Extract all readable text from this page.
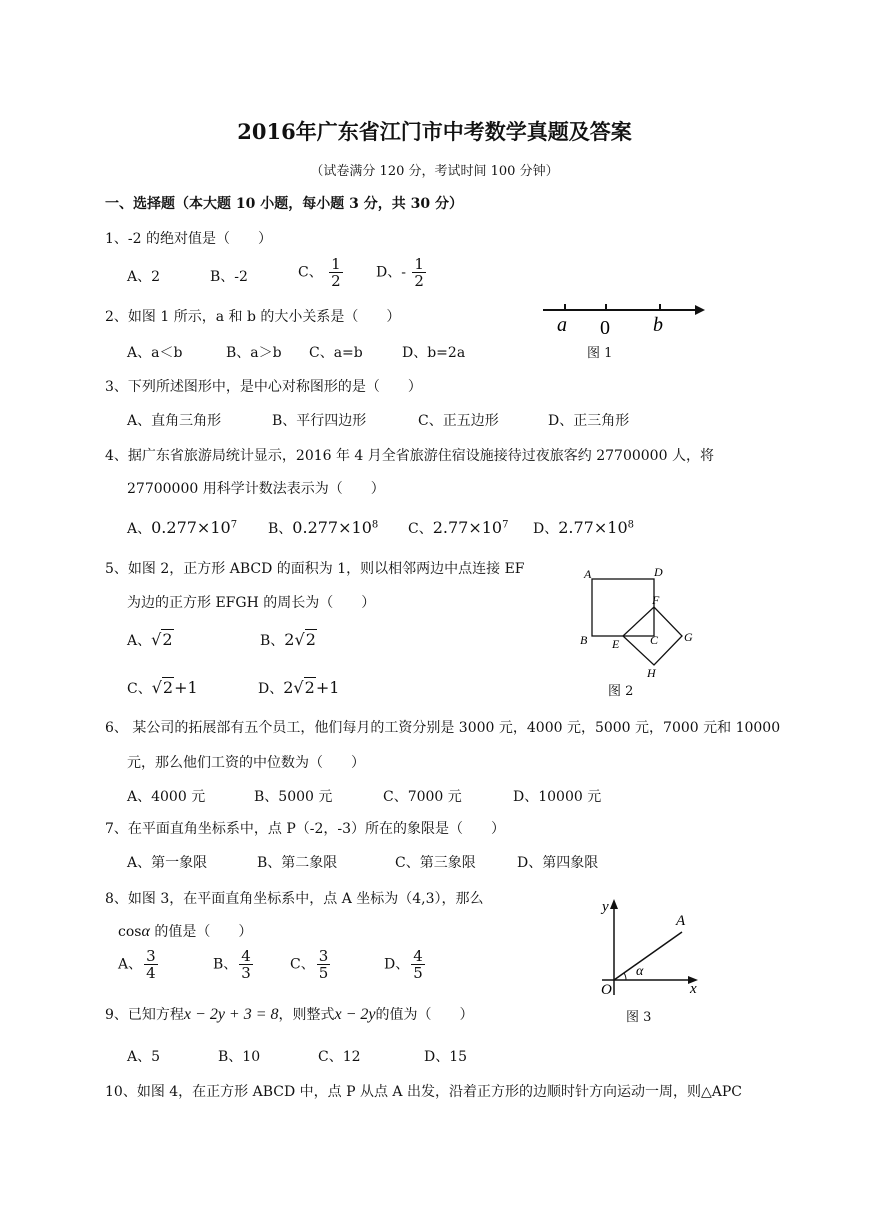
2016年广东省江门市中考数学真题及答案
（试卷满分 120 分，考试时间 100 分钟）
一、选择题（本大题 10 小题，每小题 3 分，共 30 分）
1、-2 的绝对值是（　　）
A、2	B、-2	C、 $\frac{1}{2}$ D、- $\frac{1}{2}$
2、如图 1 所示，a 和 b 的大小关系是（　　）
A、a＜b	B、a＞b C、a=b	D、b=2a
a 0 b
图 1
3、下列所述图形中，是中心对称图形的是（　　）
A、直角三角形	B、平行四边形	C、正五边形	D、正三角形
4、据广东省旅游局统计显示，2016 年 4 月全省旅游住宿设施接待过夜旅客约 27700000 人，将
27700000 用科学计数法表示为（　　）
A、$0.277\times 10^7$ B、$0.277\times 10^8$ C、$2.77\times 10^7$ D、$2.77\times 10^8$
5、如图 2，正方形 ABCD 的面积为 1，则以相邻两边中点连接 EF
为边的正方形 EFGH 的周长为（　　）
A、√2	B、2√2
C、√2+1	D、2√2+1
A	D
B E	C
F
G
H
图 2
6、 某公司的拓展部有五个员工，他们每月的工资分别是 3000 元，4000 元，5000 元，7000 元和 10000
元，那么他们工资的中位数为（　　）
A、4000 元	B、5000 元	C、7000 元	D、10000 元
7、在平面直角坐标系中，点 P（-2，-3）所在的象限是（　　）
A、第一象限	B、第二象限	C、第三象限	D、第四象限
8、如图 3，在平面直角坐标系中，点 A 坐标为（4,3），那么
cosα 的值是（　　）
A、 $\frac{3}{4}$	B、 $\frac{4}{3}$	C、 $\frac{3}{5}$	D、 $\frac{4}{5}$
y
x
O
A
α
图 3
9、已知方程x − 2y + 3 = 8，则整式x − 2y的值为（　　）
A、5	B、10	C、12	D、15
10、如图 4，在正方形 ABCD 中，点 P 从点 A 出发，沿着正方形的边顺时针方向运动一周，则△APC
